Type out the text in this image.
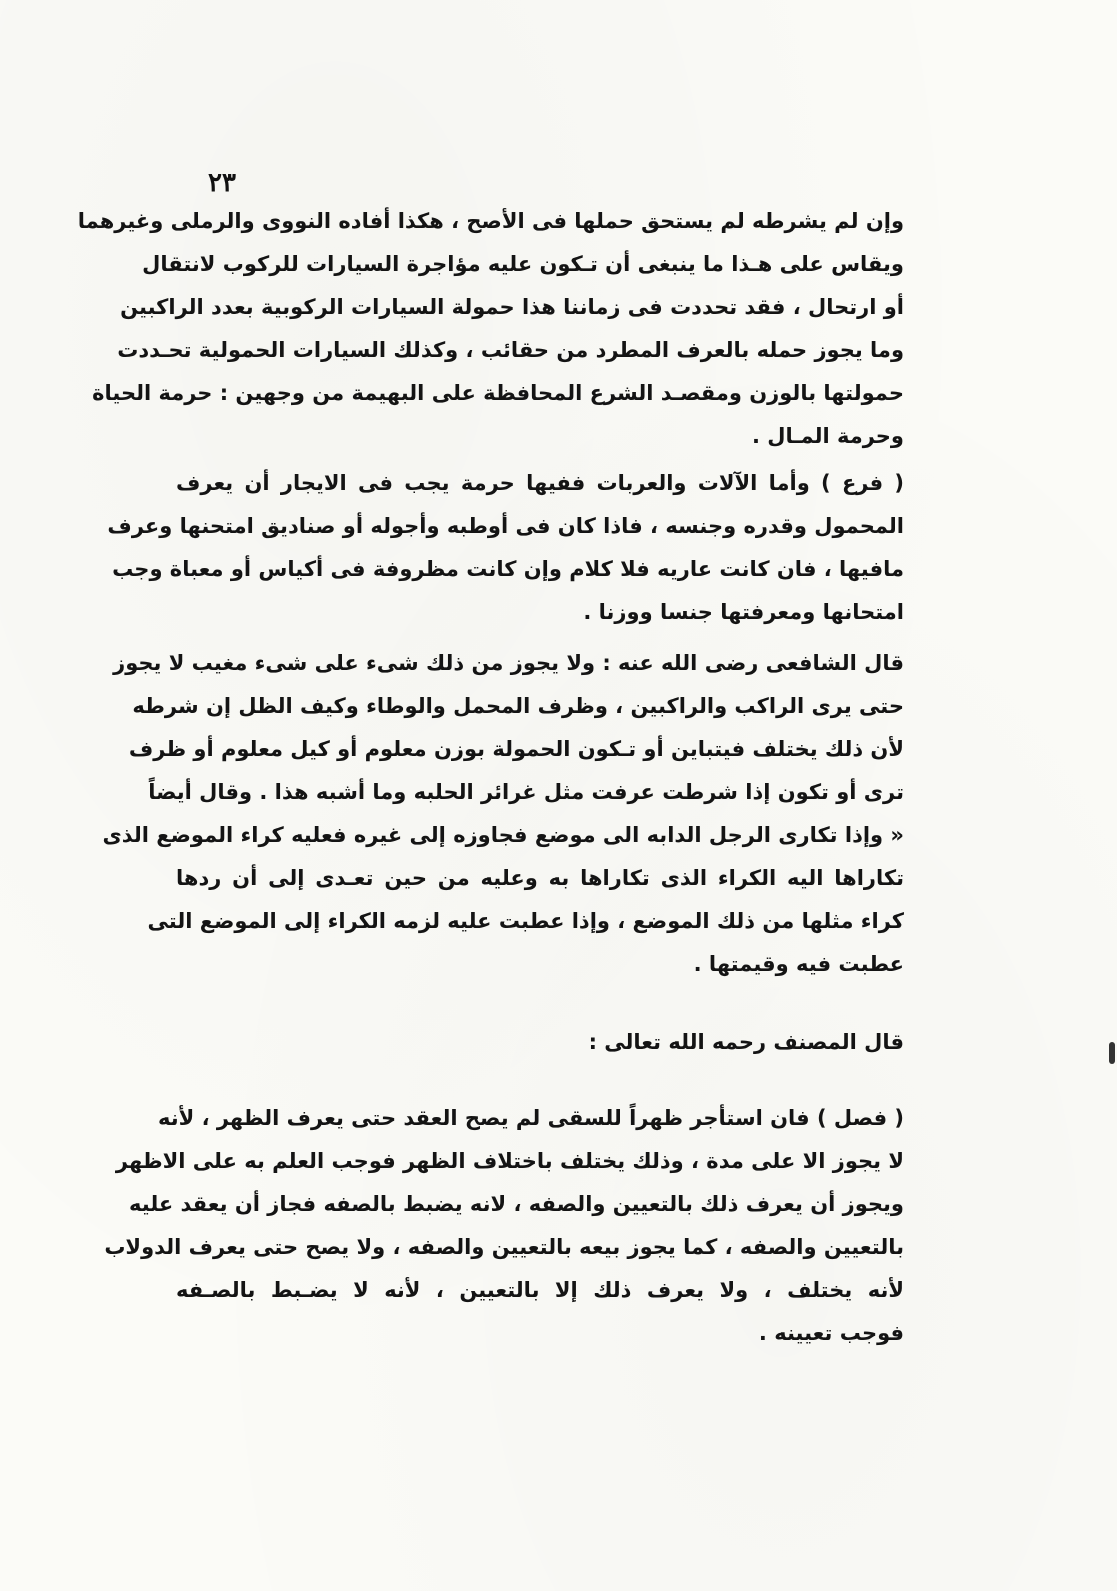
٢٣
وإن لم يشرطه لم يستحق حملها فى الأصح ، هكذا أفاده النووى والرملى وغيرهما
ويقاس على هـذا ما ينبغى أن تـكون عليه مؤاجرة السيارات للركوب لانتقال
أو ارتحال ، فقد تحددت فى زماننا هذا حمولة السيارات الركوبية بعدد الراكبين
وما يجوز حمله بالعرف المطرد من حقائب ، وكذلك السيارات الحمولية تحـددت
حمولتها بالوزن ومقصـد الشرع المحافظة على البهيمة من وجهين : حرمة الحياة
وحرمة المـال .
( فرع ) وأما الآلات والعربات ففيها حرمة يجب فى الايجار أن يعرف
المحمول وقدره وجنسه ، فاذا كان فى أوطبه وأجوله أو صناديق امتحنها وعرف
مافيها ، فان كانت عاريه فلا كلام وإن كانت مظروفة فى أكياس أو معباة وجب
امتحانها ومعرفتها جنسا ووزنا .
قال الشافعى رضى الله عنه : ولا يجوز من ذلك شىء على شىء مغيب لا يجوز
حتى يرى الراكب والراكبين ، وظرف المحمل والوطاء وكيف الظل إن شرطه
لأن ذلك يختلف فيتباين أو تـكون الحمولة بوزن معلوم أو كيل معلوم أو ظرف
ترى أو تكون إذا شرطت عرفت مثل غرائر الحلبه وما أشبه هذا . وقال أيضاً
« وإذا تكارى الرجل الدابه الى موضع فجاوزه إلى غيره فعليه كراء الموضع الذى
تكاراها اليه الكراء الذى تكاراها به وعليه من حين تعـدى إلى أن ردها
كراء مثلها من ذلك الموضع ، وإذا عطبت عليه لزمه الكراء إلى الموضع التى
عطبت فيه وقيمتها .
قال المصنف رحمه الله تعالى :
( فصل ) فان استأجر ظهراً للسقى لم يصح العقد حتى يعرف الظهر ، لأنه
لا يجوز الا على مدة ، وذلك يختلف باختلاف الظهر فوجب العلم به على الاظهر
ويجوز أن يعرف ذلك بالتعيين والصفه ، لانه يضبط بالصفه فجاز أن يعقد عليه
بالتعيين والصفه ، كما يجوز بيعه بالتعيين والصفه ، ولا يصح حتى يعرف الدولاب
لأنه يختلف ، ولا يعرف ذلك إلا بالتعيين ، لأنه لا يضـبط بالصـفه
فوجب تعيينه .
